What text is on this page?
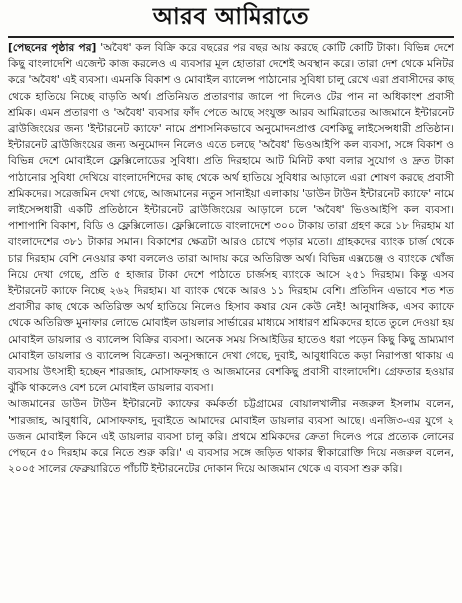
আরব আমিরাতে

[পেছনের পৃষ্ঠার পর] 'অবৈধ' কল বিক্রি করে বছরের পর বছর আয় করছে কোটি কোটি টাকা। বিভিন্ন দেশে কিছু বাংলাদেশি এজেন্ট কাজ করলেও এ ব্যবসার মূল হোতারা দেশেই অবস্থান করে। তারা দেশ থেকে মনিটর করে 'অবৈধ' এই ব্যবসা। এমনকি বিকাশ ও মোবাইল ব্যালেন্স পাঠানোর সুবিধা চালু রেখে এরা প্রবাসীদের কাছ থেকে হাতিয়ে নিচ্ছে বাড়তি অর্থ। প্রতিনিয়ত প্রতারণার জালে পা দিলেও টের পান না অধিকাংশ প্রবাসী শ্রমিক। এমন প্রতারণা ও 'অবৈধ' ব্যবসার ফাঁদ পেতে আছে সংযুক্ত আরব আমিরাতের আজমানে ইন্টারনেট ব্রাউজিংয়ের জন্য 'ইন্টারনেট ক্যাফে' নামে প্রশাসনিকভাবে অনুমোদনপ্রাপ্ত বেশকিছু লাইসেন্সধারী প্রতিষ্ঠান। ইন্টারনেট ব্রাউজিংয়ের জন্য অনুমোদন নিলেও এতে চলছে 'অবৈধ' ভিওআইপি কল ব্যবসা, সঙ্গে বিকাশ ও বিভিন্ন দেশে মোবাইলে ফ্লেক্সিলোডের সুবিধা। প্রতি দিরহামে আট মিনিট কথা বলার সুযোগ ও দ্রুত টাকা পাঠানোর সুবিধা দেখিয়ে বাংলাদেশিদের কাছ থেকে অর্থ হাতিয়ে সুবিধার আড়ালে এরা শোষণ করছে প্রবাসী শ্রমিকদের। সরেজমিন দেখা গেছে, আজমানের নতুন সানাইয়া এলাকায় 'ডাউন টাউন ইন্টারনেট ক্যাফে' নামে লাইসেন্সধারী একটি প্রতিষ্ঠানে ইন্টারনেট ব্রাউজিংয়ের আড়ালে চলে 'অবৈধ' ভিওআইপি কল ব্যবসা। পাশাপাশি বিকাশ, বিডি ও ফ্লেক্সিলোড। ফ্লেক্সিলোডে বাংলাদেশে ৩০০ টাকায় তারা গ্রহণ করে ১৮ দিরহাম যা বাংলাদেশের ৩৮১ টাকার সমান। বিকাশের ক্ষেত্রটা আরও চোখে পড়ার মতো। গ্রাহকদের ব্যাংক চার্জ থেকে চার দিরহাম বেশি নেওয়ার কথা বললেও তারা আদায় করে অতিরিক্ত অর্থ। বিভিন্ন এক্সচেঞ্জ ও ব্যাংকে খোঁজ নিয়ে দেখা গেছে, প্রতি ৫ হাজার টাকা দেশে পাঠাতে চার্জসহ ব্যাংকে আসে ২৫১ দিরহাম। কিন্তু এসব ইন্টারনেট ক্যাফে নিচ্ছে ২৬২ দিরহাম। যা ব্যাংক থেকে আরও ১১ দিরহাম বেশি। প্রতিদিন এভাবে শত শত প্রবাসীর কাছ থেকে অতিরিক্ত অর্থ হাতিয়ে নিলেও হিসাব কষার যেন কেউ নেই! আনুষাঙ্গিক, এসব ক্যাফে থেকে অতিরিক্ত মুনাফার লোভে মোবাইল ডায়লার সার্ভারের মাধ্যমে সাধারণ শ্রমিকদের হাতে তুলে দেওয়া হয় মোবাইল ডায়লার ও ব্যালেন্স বিক্রির ব্যবসা। অনেক সময় সিআইডির হাতেও ধরা পড়েন কিছু কিছু ভ্রাম্যমাণ মোবাইল ডায়লার ও ব্যালেন্স বিক্রেতা। অনুসন্ধানে দেখা গেছে, দুবাই, আবুধাবিতে কড়া নিরাপত্তা থাকায় এ ব্যবসায় উৎসাহী হচ্ছেন শারজাহ, মোসাফফাহ ও আজমানের বেশকিছু প্রবাসী বাংলাদেশি। গ্রেফতার হওয়ার ঝুঁকি থাকলেও বেশ চলে মোবাইল ডায়লার ব্যবসা।

আজমানের ডাউন টাউন ইন্টারনেট ক্যাফের কর্মকর্তা চট্টগ্রামের বোয়ালখালীর নজরুল ইসলাম বলেন, 'শারজাহ, আবুধাবি, মোসাফফাহ, দুবাইতে আমাদের মোবাইল ডায়লার ব্যবসা আছে। এনজি৩-এর যুগে ২ ডজন মোবাইল কিনে এই ডায়লার ব্যবসা চালু করি। প্রথমে শ্রমিকদের ক্রেতা দিলেও পরে প্রত্যেক লোনের পেছনে ৫০ দিরহাম করে নিতে শুরু করি।' এ ব্যবসার সঙ্গে জড়িত থাকার স্বীকারোক্তি দিয়ে নজরুল বলেন, ২০০৫ সালের ফেব্রুয়ারিতে পাঁচটি ইন্টারনেটের দোকান দিয়ে আজমান থেকে এ ব্যবসা শুরু করি।
